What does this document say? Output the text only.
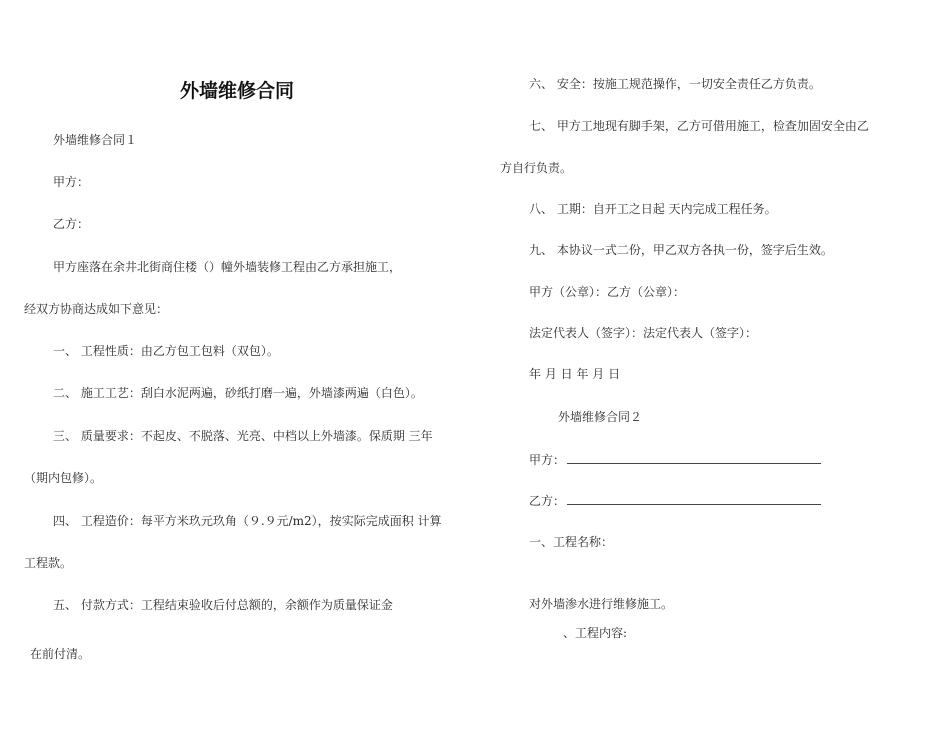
外墙维修合同
外墙维修合同１
甲方：
乙方：
甲方座落在余井北街商住楼（）幢外墙装修工程由乙方承担施工，
经双方协商达成如下意见：
一、 工程性质：由乙方包工包料（双包）。
二、 施工工艺：刮白水泥两遍，砂纸打磨一遍，外墙漆两遍（白色）。
三、 质量要求：不起皮、不脱落、光亮、中档以上外墙漆。保质期 三年
（期内包修）。
四、 工程造价：每平方米玖元玖角（９.９元/m2），按实际完成面积 计算
工程款。
五、 付款方式：工程结束验收后付总额的，余额作为质量保证金
在前付清。
六、 安全：按施工规范操作，一切安全责任乙方负责。
七、 甲方工地现有脚手架，乙方可借用施工，检查加固安全由乙
方自行负责。
八、 工期：自开工之日起 天内完成工程任务。
九、 本协议一式二份，甲乙双方各执一份，签字后生效。
甲方（公章）：乙方（公章）：
法定代表人（签字）：法定代表人（签字）：
年 月 日 年 月 日
外墙维修合同２
甲方：
乙方：
一、工程名称：
对外墙渗水进行维修施工。
、工程内容:
